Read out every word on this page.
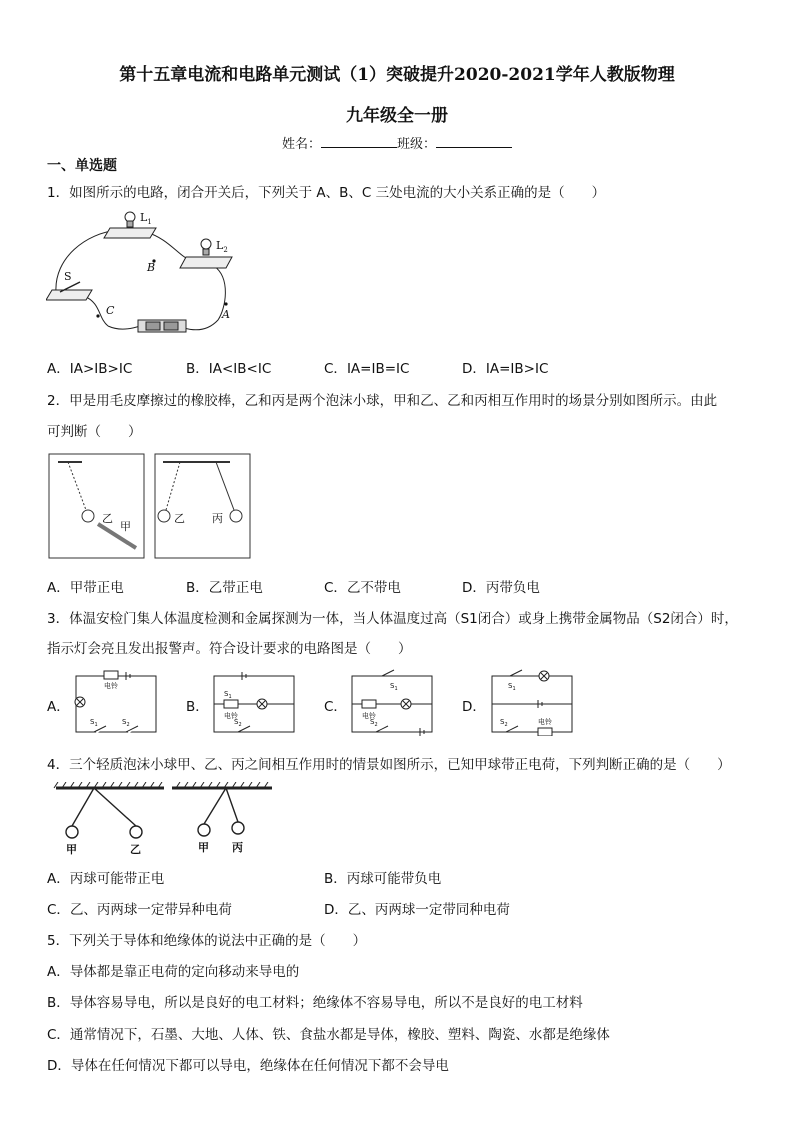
第十五章电流和电路单元测试（1）突破提升2020-2021学年人教版物理
九年级全一册
姓名：	班级：
一、单选题
1．如图所示的电路，闭合开关后，下列关于 A、B、C 三处电流的大小关系正确的是（　　）
$L_1$
$L_2$
S
B
A
C
A．IA>IB>IC	B．IA<IB<IC	C．IA=IB=IC	D．IA=IB>IC
2．甲是用毛皮摩擦过的橡胶棒，乙和丙是两个泡沫小球，甲和乙、乙和丙相互作用时的场景分别如图所示。由此
可判断（　　）
乙
甲
乙 丙
A．甲带正电	B．乙带正电	C．乙不带电	D．丙带负电
3．体温安检门集人体温度检测和金属探测为一体，当人体温度过高（S1闭合）或身上携带金属物品（S2闭合）时，
指示灯会亮且发出报警声。符合设计要求的电路图是（　　）
A．
电铃
$S_1$	$S_2$
B．
$S_1$
电铃
$S_2$
C．
$S_1$
电铃
$S_2$
D．
$S_1$
$S_2$	电铃
4．三个轻质泡沫小球甲、乙、丙之间相互作用时的情景如图所示，已知甲球带正电荷，下列判断正确的是（　　）
甲	乙	甲 丙
A．丙球可能带正电	B．丙球可能带负电
C．乙、丙两球一定带异种电荷	D．乙、丙两球一定带同种电荷
5．下列关于导体和绝缘体的说法中正确的是（　　）
A．导体都是靠正电荷的定向移动来导电的
B．导体容易导电，所以是良好的电工材料；绝缘体不容易导电，所以不是良好的电工材料
C．通常情况下，石墨、大地、人体、铁、食盐水都是导体，橡胶、塑料、陶瓷、水都是绝缘体
D．导体在任何情况下都可以导电，绝缘体在任何情况下都不会导电
